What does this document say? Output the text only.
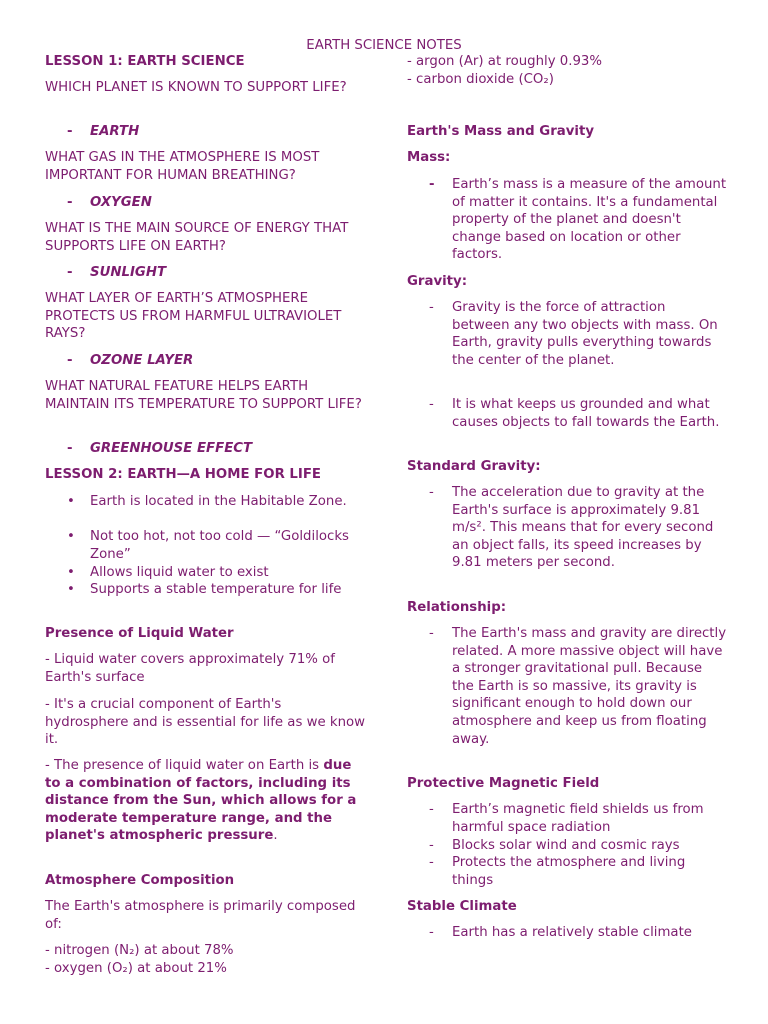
EARTH SCIENCE NOTES
LESSON 1: EARTH SCIENCE
WHICH PLANET IS KNOWN TO SUPPORT LIFE?
- EARTH
WHAT GAS IN THE ATMOSPHERE IS MOST IMPORTANT FOR HUMAN BREATHING?
- OXYGEN
WHAT IS THE MAIN SOURCE OF ENERGY THAT SUPPORTS LIFE ON EARTH?
- SUNLIGHT
WHAT LAYER OF EARTH’S ATMOSPHERE PROTECTS US FROM HARMFUL ULTRAVIOLET RAYS?
- OZONE LAYER
WHAT NATURAL FEATURE HELPS EARTH MAINTAIN ITS TEMPERATURE TO SUPPORT LIFE?
- GREENHOUSE EFFECT
LESSON 2: EARTH—A HOME FOR LIFE
• Earth is located in the Habitable Zone.
• Not too hot, not too cold — “Goldilocks Zone”
• Allows liquid water to exist
• Supports a stable temperature for life
Presence of Liquid Water
- Liquid water covers approximately 71% of Earth's surface
- It's a crucial component of Earth's hydrosphere and is essential for life as we know it.
- The presence of liquid water on Earth is due to a combination of factors, including its distance from the Sun, which allows for a moderate temperature range, and the planet's atmospheric pressure.
Atmosphere Composition
The Earth's atmosphere is primarily composed of:
- nitrogen (N₂) at about 78%
- oxygen (O₂) at about 21%
- argon (Ar) at roughly 0.93%
- carbon dioxide (CO₂)
Earth's Mass and Gravity
Mass:
- Earth’s mass is a measure of the amount of matter it contains. It's a fundamental property of the planet and doesn't change based on location or other factors.
Gravity:
- Gravity is the force of attraction between any two objects with mass. On Earth, gravity pulls everything towards the center of the planet.
- It is what keeps us grounded and what causes objects to fall towards the Earth.
Standard Gravity:
- The acceleration due to gravity at the Earth's surface is approximately 9.81 m/s². This means that for every second an object falls, its speed increases by 9.81 meters per second.
Relationship:
- The Earth's mass and gravity are directly related. A more massive object will have a stronger gravitational pull. Because the Earth is so massive, its gravity is significant enough to hold down our atmosphere and keep us from floating away.
Protective Magnetic Field
- Earth’s magnetic field shields us from harmful space radiation
- Blocks solar wind and cosmic rays
- Protects the atmosphere and living things
Stable Climate
- Earth has a relatively stable climate
